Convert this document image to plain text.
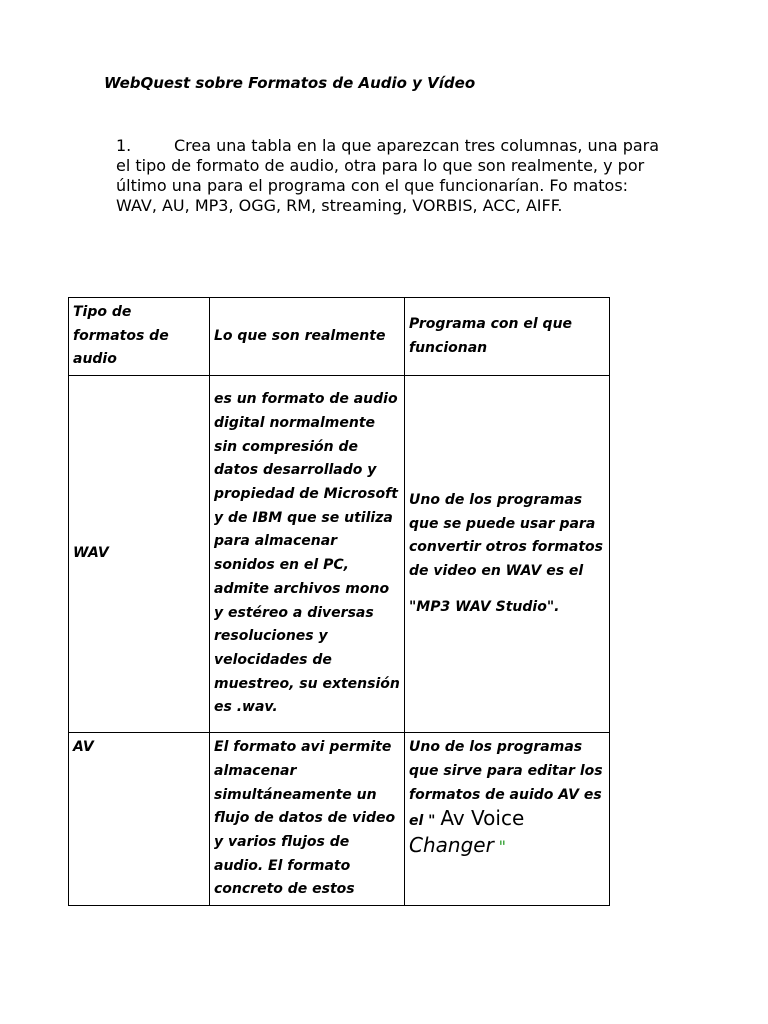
WebQuest sobre Formatos de Audio y Vídeo
1.	Crea una tabla en la que aparezcan tres columnas, una para
el tipo de formato de audio, otra para lo que son realmente, y por
último una para el programa con el que funcionarían. Fo matos:
WAV, AU, MP3, OGG, RM, streaming, VORBIS, ACC, AIFF.
Tipo de formatos de audio	Lo que son realmente	Programa con el que funcionan
WAV	es un formato de audio digital normalmente sin compresión de datos desarrollado y propiedad de Microsoft y de IBM que se utiliza para almacenar sonidos en el PC, admite archivos mono y estéreo a diversas resoluciones y velocidades de muestreo, su extensión es .wav.	Uno de los programas que se puede usar para convertir otros formatos de video en WAV es el
"MP3 WAV Studio".
AV	El formato avi permite almacenar simultáneamente un flujo de datos de video y varios flujos de audio. El formato concreto de estos	Uno de los programas que sirve para editar los formatos de auido AV es el " Av Voice
Changer "
